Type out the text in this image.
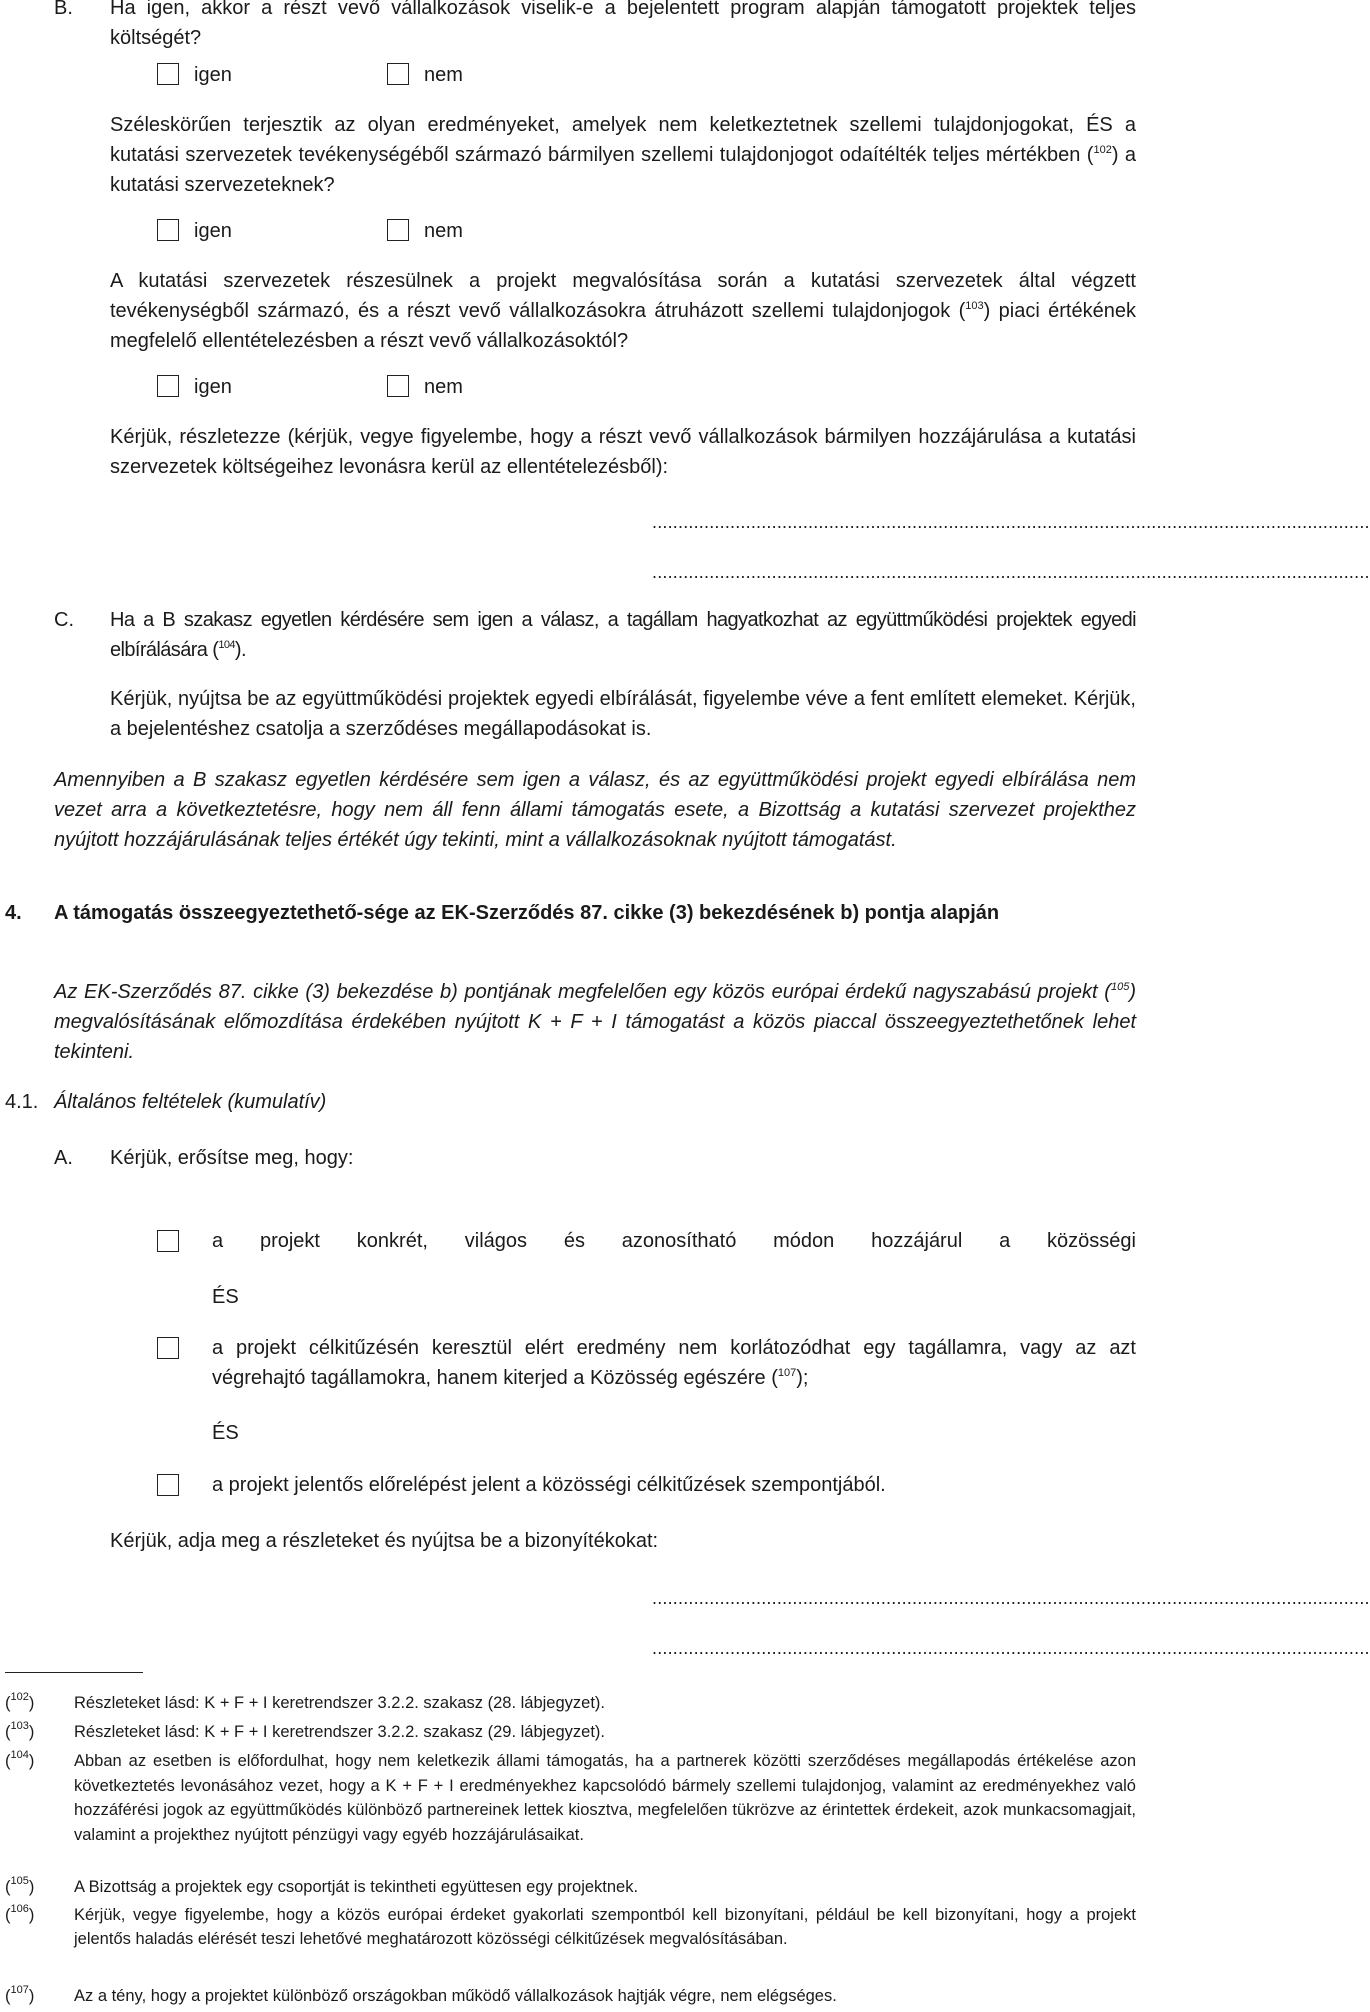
B. Ha igen, akkor a részt vevő vállalkozások viselik-e a bejelentett program alapján támogatott projektek teljes költségét?
igen	nem
Széleskörűen terjesztik az olyan eredményeket, amelyek nem keletkeztetnek szellemi tulajdonjogokat, ÉS a kutatási szervezetek tevékenységéből származó bármilyen szellemi tulajdonjogot odaítélték teljes mértékben ($^{102}$) a kutatási szervezeteknek?
igen	nem
A kutatási szervezetek részesülnek a projekt megvalósítása során a kutatási szervezetek által végzett tevékenységből származó, és a részt vevő vállalkozásokra átruházott szellemi tulajdonjogok ($^{103}$) piaci értékének megfelelő ellentételezésben a részt vevő vállalkozásoktól?
igen	nem
Kérjük, részletezze (kérjük, vegye figyelembe, hogy a részt vevő vállalkozások bármilyen hozzájárulása a kutatási szervezetek költségeihez levonásra kerül az ellentételezésből):
..........................................................................................................................................
..........................................................................................................................................
C. Ha a B szakasz egyetlen kérdésére sem igen a válasz, a tagállam hagyatkozhat az együttműködési projektek egyedi elbírálására ($^{104}$).
Kérjük, nyújtsa be az együttműködési projektek egyedi elbírálását, figyelembe véve a fent említett elemeket. Kérjük, a bejelentéshez csatolja a szerződéses megállapodásokat is.
Amennyiben a B szakasz egyetlen kérdésére sem igen a válasz, és az együttműködési projekt egyedi elbírálása nem vezet arra a következtetésre, hogy nem áll fenn állami támogatás esete, a Bizottság a kutatási szervezet projekthez nyújtott hozzájárulásának teljes értékét úgy tekinti, mint a vállalkozásoknak nyújtott támogatást.
4. A támogatás összeegyeztethető-sége az EK-Szerződés 87. cikke (3) bekezdésének b) pontja alapján
Az EK-Szerződés 87. cikke (3) bekezdése b) pontjának megfelelően egy közös európai érdekű nagyszabású projekt ($^{105}$) megvalósításának előmozdítása érdekében nyújtott K + F + I támogatást a közös piaccal összeegyeztethetőnek lehet tekinteni.
4.1. Általános feltételek (kumulatív)
A. Kérjük, erősítse meg, hogy:
a projekt konkrét, világos és azonosítható módon hozzájárul a közösségi
ÉS
a projekt célkitűzésén keresztül elért eredmény nem korlátozódhat egy tagállamra, vagy az azt végrehajtó tagállamokra, hanem kiterjed a Közösség egészére ($^{107}$);
ÉS
a projekt jelentős előrelépést jelent a közösségi célkitűzések szempontjából.
Kérjük, adja meg a részleteket és nyújtsa be a bizonyítékokat:
..........................................................................................................................................
..........................................................................................................................................
($^{102}$)	Részleteket lásd: K + F + I keretrendszer 3.2.2. szakasz (28. lábjegyzet).
($^{103}$)	Részleteket lásd: K + F + I keretrendszer 3.2.2. szakasz (29. lábjegyzet).
($^{104}$)	Abban az esetben is előfordulhat, hogy nem keletkezik állami támogatás, ha a partnerek közötti szerződéses megállapodás értékelése azon következtetés levonásához vezet, hogy a K + F + I eredményekhez kapcsolódó bármely szellemi tulajdonjog, valamint az eredményekhez való hozzáférési jogok az együttműködés különböző partnereinek lettek kiosztva, megfelelően tükrözve az érintettek érdekeit, azok munkacsomagjait, valamint a projekthez nyújtott pénzügyi vagy egyéb hozzájárulásaikat.
($^{105}$)	A Bizottság a projektek egy csoportját is tekintheti együttesen egy projektnek.
($^{106}$)	Kérjük, vegye figyelembe, hogy a közös európai érdeket gyakorlati szempontból kell bizonyítani, például be kell bizonyítani, hogy a projekt jelentős haladás elérését teszi lehetővé meghatározott közösségi célkitűzések megvalósításában.
($^{107}$)	Az a tény, hogy a projektet különböző országokban működő vállalkozások hajtják végre, nem elégséges.
